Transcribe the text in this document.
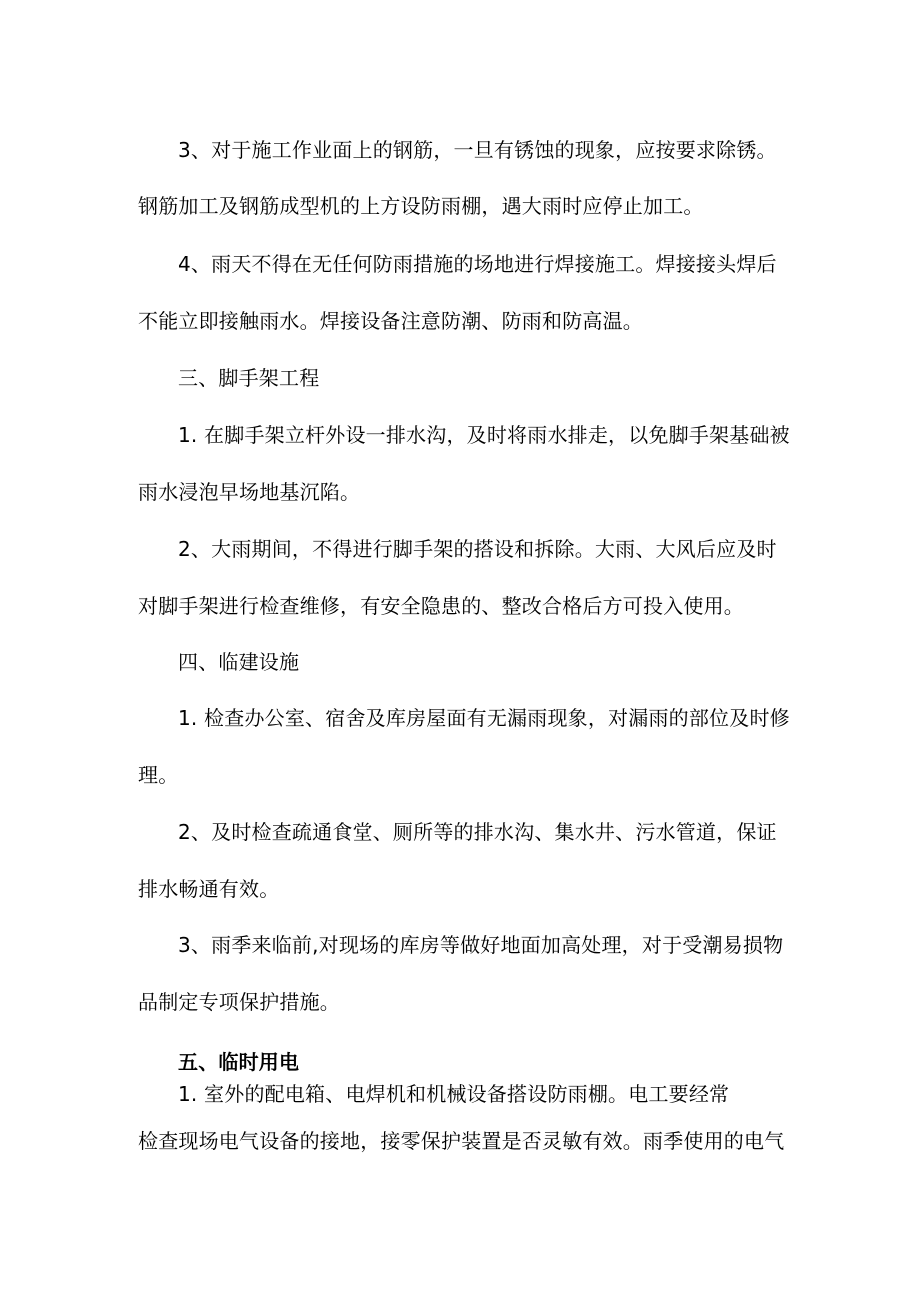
3、对于施工作业面上的钢筋，一旦有锈蚀的现象，应按要求除锈。
钢筋加工及钢筋成型机的上方设防雨棚，遇大雨时应停止加工。
4、雨天不得在无任何防雨措施的场地进行焊接施工。焊接接头焊后
不能立即接触雨水。焊接设备注意防潮、防雨和防高温。
三、脚手架工程
1. 在脚手架立杆外设一排水沟，及时将雨水排走，以免脚手架基础被
雨水浸泡早场地基沉陷。
2、大雨期间，不得进行脚手架的搭设和拆除。大雨、大风后应及时
对脚手架进行检查维修，有安全隐患的、整改合格后方可投入使用。
四、临建设施
1. 检查办公室、宿舍及库房屋面有无漏雨现象，对漏雨的部位及时修
理。
2、及时检查疏通食堂、厕所等的排水沟、集水井、污水管道，保证
排水畅通有效。
3、雨季来临前,对现场的库房等做好地面加高处理，对于受潮易损物
品制定专项保护措施。
五、临时用电
1. 室外的配电箱、电焊机和机械设备搭设防雨棚。电工要经常
检查现场电气设备的接地，接零保护装置是否灵敏有效。雨季使用的电气
